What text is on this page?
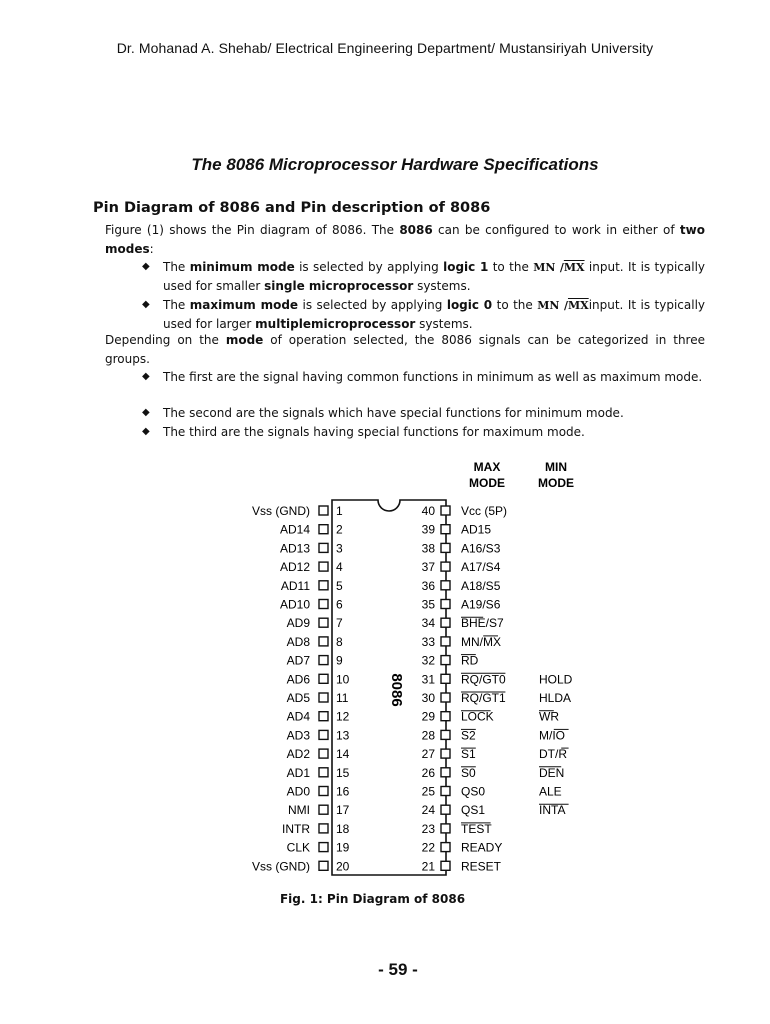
Dr. Mohanad A. Shehab/ Electrical Engineering Department/ Mustansiriyah University
The 8086 Microprocessor Hardware Specifications
Pin Diagram of 8086 and Pin description of 8086
Figure (1) shows the Pin diagram of 8086. The 8086 can be configured to work in either of two modes:
◆ The minimum mode is selected by applying logic 1 to the MN $/\overline{MX}$ input. It is typically used for smaller single microprocessor systems.
◆ The maximum mode is selected by applying logic 0 to the MN $/\overline{MX}input$. It is typically used for larger multiplemicroprocessor systems.
Depending on the mode of operation selected, the 8086 signals can be categorized in three groups.
◆ The first are the signal having common functions in minimum as well as maximum mode.
◆ The second are the signals which have special functions for minimum mode.
◆ The third are the signals having special functions for maximum mode.
8086
MAX
MODE
MIN
MODE
Vss (GND) 1
AD14 2
AD13 3
AD12 4
AD11 5
AD10 6
AD9 7
AD8 8
AD7 9
AD6 10
AD5 11
AD4 12
AD3 13
AD2 14
AD1 15
AD0 16
NMI 17
INTR 18
CLK 19
Vss (GND) 20
40 Vcc (5P)
39 AD15
38 A16/S3
37 A17/S4
36 A18/S5
35 A19/S6
34 BHE/S7
33 MN/MX
32 RD
31 RQ/GT0	HOLD
30 RQ/GT1	HLDA
29 LOCK	WR
28 S2	M/IO
27 S1	DT/R
26 S0	DEN
25 QS0	ALE
24 QS1	INTA
23 TEST
22 READY
21 RESET
Fig. 1: Pin Diagram of 8086
- 59 -
